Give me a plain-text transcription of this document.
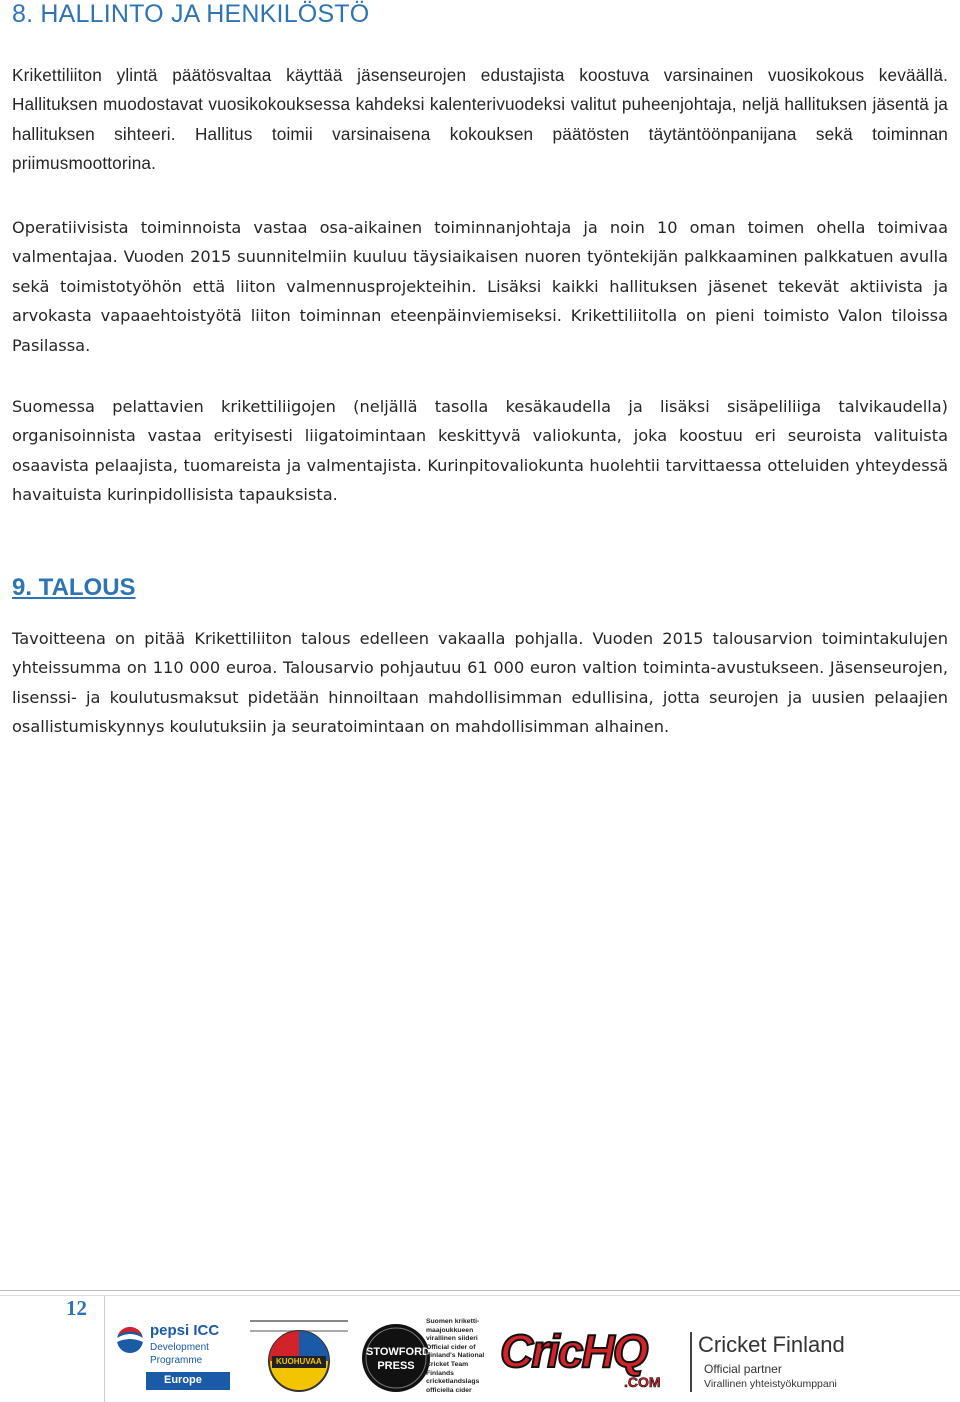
8. HALLINTO JA HENKILÖSTÖ

Krikettiliiton ylintä päätösvaltaa käyttää jäsenseurojen edustajista koostuva varsinainen vuosikokous keväällä. Hallituksen muodostavat vuosikokouksessa kahdeksi kalenterivuodeksi valitut puheenjohtaja, neljä hallituksen jäsentä ja hallituksen sihteeri. Hallitus toimii varsinaisena kokouksen päätösten täytäntöönpanijana sekä toiminnan priimusmoottorina.

Operatiivisista toiminnoista vastaa osa-aikainen toiminnanjohtaja ja noin 10 oman toimen ohella toimivaa valmentajaa. Vuoden 2015 suunnitelmiin kuuluu täysiaikaisen nuoren työntekijän palkkaaminen palkkatuen avulla sekä toimistotyöhön että liiton valmennusprojekteihin. Lisäksi kaikki hallituksen jäsenet tekevät aktiivista ja arvokasta vapaaehtoistyötä liiton toiminnan eteenpäinviemiseksi. Krikettiliitolla on pieni toimisto Valon tiloissa Pasilassa.

Suomessa pelattavien krikettiliigojen (neljällä tasolla kesäkaudella ja lisäksi sisäpeliliiga talvikaudella) organisoinnista vastaa erityisesti liigatoimintaan keskittyvä valiokunta, joka koostuu eri seuroista valituista osaavista pelaajista, tuomareista ja valmentajista. Kurinpitovaliokunta huolehtii tarvittaessa otteluiden yhteydessä havaituista kurinpidollisista tapauksista.

9. TALOUS

Tavoitteena on pitää Krikettiliiton talous edelleen vakaalla pohjalla. Vuoden 2015 talousarvion toimintakulujen yhteissumma on 110 000 euroa. Talousarvio pohjautuu 61 000 euron valtion toiminta-avustukseen. Jäsenseurojen, lisenssi- ja koulutusmaksut pidetään hinnoiltaan mahdollisimman edullisina, jotta seurojen ja uusien pelaajien osallistumiskynnys koulutuksiin ja seuratoimintaan on mahdollisimman alhainen.

12
pepsi ICC
Development
Programme
Europe
KUOHUVAA
STOWFORD
PRESS
Suomen kriketti-
maajoukkueen
virallinen siideri
Official cider of
Finland's National
Cricket Team
Finlands
cricketlandslags
officiella cider
CricHQ
.COM
Cricket Finland
Official partner
Virallinen yhteistyökumppani
